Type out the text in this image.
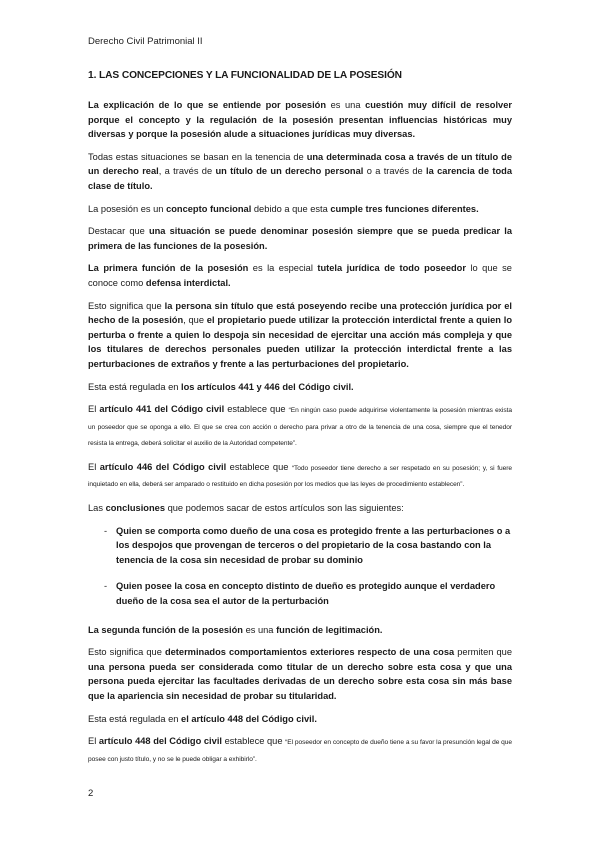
Derecho Civil Patrimonial II
1. LAS CONCEPCIONES Y LA FUNCIONALIDAD DE LA POSESIÓN

La explicación de lo que se entiende por posesión es una cuestión muy difícil de resolver porque el concepto y la regulación de la posesión presentan influencias históricas muy diversas y porque la posesión alude a situaciones jurídicas muy diversas.

Todas estas situaciones se basan en la tenencia de una determinada cosa a través de un título de un derecho real, a través de un título de un derecho personal o a través de la carencia de toda clase de título.

La posesión es un concepto funcional debido a que esta cumple tres funciones diferentes.

Destacar que una situación se puede denominar posesión siempre que se pueda predicar la primera de las funciones de la posesión.

La primera función de la posesión es la especial tutela jurídica de todo poseedor lo que se conoce como defensa interdictal.

Esto significa que la persona sin título que está poseyendo recibe una protección jurídica por el hecho de la posesión, que el propietario puede utilizar la protección interdictal frente a quien lo perturba o frente a quien lo despoja sin necesidad de ejercitar una acción más compleja y que los titulares de derechos personales pueden utilizar la protección interdictal frente a las perturbaciones de extraños y frente a las perturbaciones del propietario.

Esta está regulada en los artículos 441 y 446 del Código civil.

El artículo 441 del Código civil establece que “En ningún caso puede adquirirse violentamente la posesión mientras exista un poseedor que se oponga a ello. El que se crea con acción o derecho para privar a otro de la tenencia de una cosa, siempre que el tenedor resista la entrega, deberá solicitar el auxilio de la Autoridad competente”.

El artículo 446 del Código civil establece que “Todo poseedor tiene derecho a ser respetado en su posesión; y, si fuere inquietado en ella, deberá ser amparado o restituido en dicha posesión por los medios que las leyes de procedimiento establecen”.

Las conclusiones que podemos sacar de estos artículos son las siguientes:

- Quien se comporta como dueño de una cosa es protegido frente a las perturbaciones o a los despojos que provengan de terceros o del propietario de la cosa bastando con la tenencia de la cosa sin necesidad de probar su dominio
- Quien posee la cosa en concepto distinto de dueño es protegido aunque el verdadero dueño de la cosa sea el autor de la perturbación

La segunda función de la posesión es una función de legitimación.

Esto significa que determinados comportamientos exteriores respecto de una cosa permiten que una persona pueda ser considerada como titular de un derecho sobre esta cosa y que una persona pueda ejercitar las facultades derivadas de un derecho sobre esta cosa sin más base que la apariencia sin necesidad de probar su titularidad.

Esta está regulada en el artículo 448 del Código civil.

El artículo 448 del Código civil establece que “El poseedor en concepto de dueño tiene a su favor la presunción legal de que posee con justo título, y no se le puede obligar a exhibirlo”.

2
